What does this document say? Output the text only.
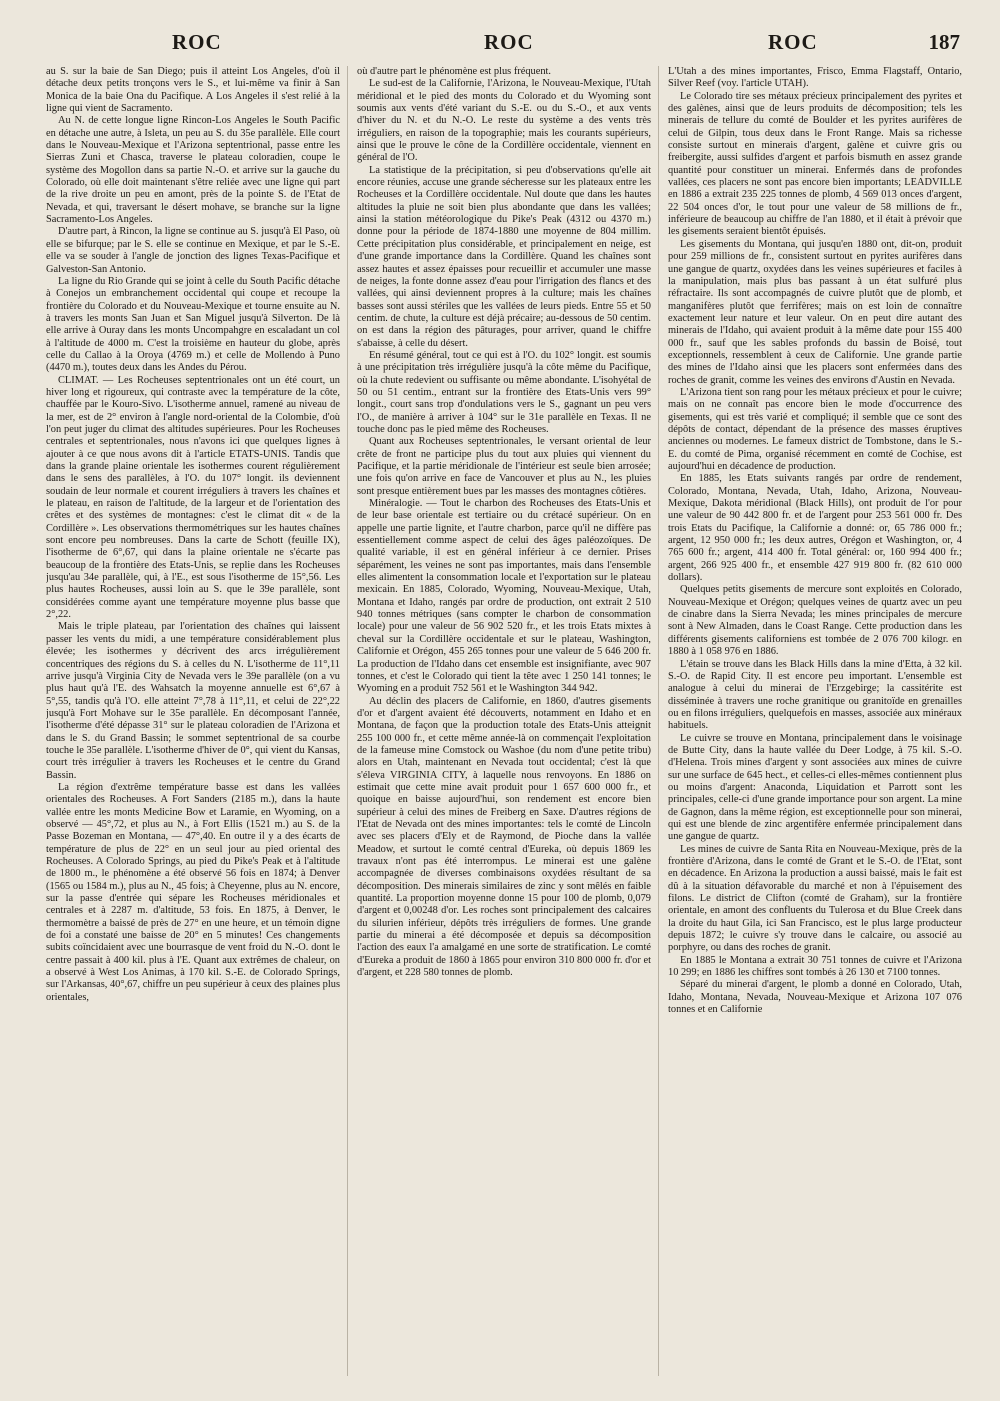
ROC	ROC	ROC	187

au S. sur la baie de San Diego; puis il atteint Los Angeles, d'où il détache deux petits tronçons vers le S., et lui-même va finir à San Monica de la baie Ona du Pacifique. A Los Angeles il s'est relié à la ligne qui vient de Sacramento.

Au N. de cette longue ligne Rincon-Los Angeles le South Pacific en détache une autre, à Isleta, un peu au S. du 35e parallèle. Elle court dans le Nouveau-Mexique et l'Arizona septentrional, passe entre les Sierras Zuni et Chasca, traverse le plateau coloradien, coupe le système des Mogollon dans sa partie N.-O. et arrive sur la gauche du Colorado, où elle doit maintenant s'être reliée avec une ligne qui part de la rive droite un peu en amont, près de la pointe S. de l'Etat de Nevada, et qui, traversant le désert mohave, se branche sur la ligne Sacramento-Los Angeles.

D'autre part, à Rincon, la ligne se continue au S. jusqu'à El Paso, où elle se bifurque; par le S. elle se continue en Mexique, et par le S.-E. elle va se souder à l'angle de jonction des lignes Texas-Pacifique et Galveston-San Antonio.

La ligne du Rio Grande qui se joint à celle du South Pacific détache à Conejos un embranchement occidental qui coupe et recoupe la frontière du Colorado et du Nouveau-Mexique et tourne ensuite au N. à travers les monts San Juan et San Miguel jusqu'à Silverton. De là elle arrive à Ouray dans les monts Uncompahgre en escaladant un col à l'altitude de 4000 m. C'est la troisième en hauteur du globe, après celle du Callao à la Oroya (4769 m.) et celle de Mollendo à Puno (4470 m.), toutes deux dans les Andes du Pérou.

CLIMAT. — Les Rocheuses septentrionales ont un été court, un hiver long et rigoureux, qui contraste avec la température de la côte, chauffée par le Kouro-Sivo. L'isotherme annuel, ramené au niveau de la mer, est de 2° environ à l'angle nord-oriental de la Colombie, d'où l'on peut juger du climat des altitudes supérieures. Pour les Rocheuses centrales et septentrionales, nous n'avons ici que quelques lignes à ajouter à ce que nous avons dit à l'article ETATS-UNIS. Tandis que dans la grande plaine orientale les isothermes courent régulièrement dans le sens des parallèles, à l'O. du 107° longit. ils deviennent soudain de leur normale et courent irréguliers à travers les chaînes et le plateau, en raison de l'altitude, de la largeur et de l'orientation des crêtes et des systèmes de montagnes: c'est le climat dit « de la Cordillère ». Les observations thermométriques sur les hautes chaînes sont encore peu nombreuses. Dans la carte de Schott (feuille IX), l'isotherme de 6°,67, qui dans la plaine orientale ne s'écarte pas beaucoup de la frontière des Etats-Unis, se replie dans les Rocheuses jusqu'au 34e parallèle, qui, à l'E., est sous l'isotherme de 15°,56. Les plus hautes Rocheuses, aussi loin au S. que le 39e parallèle, sont considérées comme ayant une température moyenne plus basse que 2°,22.

Mais le triple plateau, par l'orientation des chaînes qui laissent passer les vents du midi, a une température considérablement plus élevée; les isothermes y décrivent des arcs irrégulièrement concentriques des régions du S. à celles du N. L'isotherme de 11°,11 arrive jusqu'à Virginia City de Nevada vers le 39e parallèle (on a vu plus haut qu'à l'E. des Wahsatch la moyenne annuelle est 6°,67 à 5°,55, tandis qu'à l'O. elle atteint 7°,78 à 11°,11, et celui de 22°,22 jusqu'à Fort Mohave sur le 35e parallèle. En décomposant l'année, l'isotherme d'été dépasse 31° sur le plateau coloradien de l'Arizona et dans le S. du Grand Bassin; le sommet septentrional de sa courbe touche le 35e parallèle. L'isotherme d'hiver de 0°, qui vient du Kansas, court très irrégulier à travers les Rocheuses et le centre du Grand Bassin.

La région d'extrême température basse est dans les vallées orientales des Rocheuses. A Fort Sanders (2185 m.), dans la haute vallée entre les monts Medicine Bow et Laramie, en Wyoming, on a observé — 45°,72, et plus au N., à Fort Ellis (1521 m.) au S. de la Passe Bozeman en Montana, — 47°,40. En outre il y a des écarts de température de plus de 22° en un seul jour au pied oriental des Rocheuses. A Colorado Springs, au pied du Pike's Peak et à l'altitude de 1800 m., le phénomène a été observé 56 fois en 1874; à Denver (1565 ou 1584 m.), plus au N., 45 fois; à Cheyenne, plus au N. encore, sur la passe d'entrée qui sépare les Rocheuses méridionales et centrales et à 2287 m. d'altitude, 53 fois. En 1875, à Denver, le thermomètre a baissé de près de 27° en une heure, et un témoin digne de foi a constaté une baisse de 20° en 5 minutes! Ces changements subits coïncidaient avec une bourrasque de vent froid du N.-O. dont le centre passait à 400 kil. plus à l'E. Quant aux extrêmes de chaleur, on a observé à West Los Animas, à 170 kil. S.-E. de Colorado Springs, sur l'Arkansas, 40°,67, chiffre un peu supérieur à ceux des plaines plus orientales,

où d'autre part le phénomène est plus fréquent.

Le sud-est de la Californie, l'Arizona, le Nouveau-Mexique, l'Utah méridional et le pied des monts du Colorado et du Wyoming sont soumis aux vents d'été variant du S.-E. ou du S.-O., et aux vents d'hiver du N. et du N.-O. Le reste du système a des vents très irréguliers, en raison de la topographie; mais les courants supérieurs, ainsi que le prouve le cône de la Cordillère occidentale, viennent en général de l'O.

La statistique de la précipitation, si peu d'observations qu'elle ait encore réunies, accuse une grande sécheresse sur les plateaux entre les Rocheuses et la Cordillère occidentale. Nul doute que dans les hautes altitudes la pluie ne soit bien plus abondante que dans les vallées; ainsi la station météorologique du Pike's Peak (4312 ou 4370 m.) donne pour la période de 1874-1880 une moyenne de 804 millim. Cette précipitation plus considérable, et principalement en neige, est d'une grande importance dans la Cordillère. Quand les chaînes sont assez hautes et assez épaisses pour recueillir et accumuler une masse de neiges, la fonte donne assez d'eau pour l'irrigation des flancs et des vallées, qui ainsi deviennent propres à la culture; mais les chaînes basses sont aussi stériles que les vallées de leurs pieds. Entre 55 et 50 centim. de chute, la culture est déjà précaire; au-dessous de 50 centim. on est dans la région des pâturages, pour arriver, quand le chiffre s'abaisse, à celle du désert.

En résumé général, tout ce qui est à l'O. du 102° longit. est soumis à une précipitation très irrégulière jusqu'à la côte même du Pacifique, où la chute redevient ou suffisante ou même abondante. L'isohyétal de 50 ou 51 centim., entrant sur la frontière des Etats-Unis vers 99° longit., court sans trop d'ondulations vers le S., gagnant un peu vers l'O., de manière à arriver à 104° sur le 31e parallèle en Texas. Il ne touche donc pas le pied même des Rocheuses.

Quant aux Rocheuses septentrionales, le versant oriental de leur crête de front ne participe plus du tout aux pluies qui viennent du Pacifique, et la partie méridionale de l'intérieur est seule bien arrosée; une fois qu'on arrive en face de Vancouver et plus au N., les pluies sont presque entièrement bues par les masses des montagnes côtières.

Minéralogie. — Tout le charbon des Rocheuses des Etats-Unis et de leur base orientale est tertiaire ou du crétacé supérieur. On en appelle une partie lignite, et l'autre charbon, parce qu'il ne diffère pas essentiellement comme aspect de celui des âges paléozoïques. De qualité variable, il est en général inférieur à ce dernier. Prises séparément, les veines ne sont pas importantes, mais dans l'ensemble elles alimentent la consommation locale et l'exportation sur le plateau mexicain. En 1885, Colorado, Wyoming, Nouveau-Mexique, Utah, Montana et Idaho, rangés par ordre de production, ont extrait 2 510 940 tonnes métriques (sans compter le charbon de consommation locale) pour une valeur de 56 902 520 fr., et les trois Etats mixtes à cheval sur la Cordillère occidentale et sur le plateau, Washington, Californie et Orégon, 455 265 tonnes pour une valeur de 5 646 200 fr. La production de l'Idaho dans cet ensemble est insignifiante, avec 907 tonnes, et c'est le Colorado qui tient la tête avec 1 250 141 tonnes; le Wyoming en a produit 752 561 et le Washington 344 942.

Au déclin des placers de Californie, en 1860, d'autres gisements d'or et d'argent avaient été découverts, notamment en Idaho et en Montana, de façon que la production totale des Etats-Unis atteignit 255 100 000 fr., et cette même année-là on commençait l'exploitation de la fameuse mine Comstock ou Washoe (du nom d'une petite tribu) alors en Utah, maintenant en Nevada tout occidental; c'est là que s'éleva VIRGINIA CITY, à laquelle nous renvoyons. En 1886 on estimait que cette mine avait produit pour 1 657 600 000 fr., et quoique en baisse aujourd'hui, son rendement est encore bien supérieur à celui des mines de Freiberg en Saxe. D'autres régions de l'Etat de Nevada ont des mines importantes: tels le comté de Lincoln avec ses placers d'Ely et de Raymond, de Pioche dans la vallée Meadow, et surtout le comté central d'Eureka, où depuis 1869 les travaux n'ont pas été interrompus. Le minerai est une galène accompagnée de diverses combinaisons oxydées résultant de sa décomposition. Des minerais similaires de zinc y sont mêlés en faible quantité. La proportion moyenne donne 15 pour 100 de plomb, 0,079 d'argent et 0,00248 d'or. Les roches sont principalement des calcaires du silurien inférieur, dépôts très irréguliers de formes. Une grande partie du minerai a été décomposée et depuis sa décomposition l'action des eaux l'a amalgamé en une sorte de stratification. Le comté d'Eureka a produit de 1860 à 1865 pour environ 310 800 000 fr. d'or et d'argent, et 228 580 tonnes de plomb.

L'Utah a des mines importantes, Frisco, Emma Flagstaff, Ontario, Silver Reef (voy. l'article UTAH).

Le Colorado tire ses métaux précieux principalement des pyrites et des galènes, ainsi que de leurs produits de décomposition; tels les minerais de tellure du comté de Boulder et les pyrites aurifères de celui de Gilpin, tous deux dans le Front Range. Mais sa richesse consiste surtout en minerais d'argent, galène et cuivre gris ou freibergite, aussi sulfides d'argent et parfois bismuth en assez grande quantité pour constituer un minerai. Enfermés dans de profondes vallées, ces placers ne sont pas encore bien importants; LEADVILLE en 1886 a extrait 235 225 tonnes de plomb, 4 569 013 onces d'argent, 22 504 onces d'or, le tout pour une valeur de 58 millions de fr., inférieure de beaucoup au chiffre de l'an 1880, et il était à prévoir que les gisements seraient bientôt épuisés.

Les gisements du Montana, qui jusqu'en 1880 ont, dit-on, produit pour 259 millions de fr., consistent surtout en pyrites aurifères dans une gangue de quartz, oxydées dans les veines supérieures et faciles à la manipulation, mais plus bas passant à un état sulfuré plus réfractaire. Ils sont accompagnés de cuivre plutôt que de plomb, et manganifères plutôt que ferrifères; mais on est loin de connaître exactement leur nature et leur valeur. On en peut dire autant des minerais de l'Idaho, qui avaient produit à la même date pour 155 400 000 fr., sauf que les sables profonds du bassin de Boisé, tout exceptionnels, ressemblent à ceux de Californie. Une grande partie des mines de l'Idaho ainsi que les placers sont enfermées dans des roches de granit, comme les veines des environs d'Austin en Nevada.

L'Arizona tient son rang pour les métaux précieux et pour le cuivre; mais on ne connaît pas encore bien le mode d'occurrence des gisements, qui est très varié et compliqué; il semble que ce sont des dépôts de contact, dépendant de la présence des masses éruptives anciennes ou modernes. Le fameux district de Tombstone, dans le S.-E. du comté de Pima, organisé récemment en comté de Cochise, est aujourd'hui en décadence de production.

En 1885, les Etats suivants rangés par ordre de rendement, Colorado, Montana, Nevada, Utah, Idaho, Arizona, Nouveau-Mexique, Dakota méridional (Black Hills), ont produit de l'or pour une valeur de 90 442 800 fr. et de l'argent pour 253 561 000 fr. Des trois Etats du Pacifique, la Californie a donné: or, 65 786 000 fr.; argent, 12 950 000 fr.; les deux autres, Orégon et Washington, or, 4 765 600 fr.; argent, 414 400 fr. Total général: or, 160 994 400 fr.; argent, 266 925 400 fr., et ensemble 427 919 800 fr. (82 610 000 dollars).

Quelques petits gisements de mercure sont exploités en Colorado, Nouveau-Mexique et Orégon; quelques veines de quartz avec un peu de cinabre dans la Sierra Nevada; les mines principales de mercure sont à New Almaden, dans le Coast Range. Cette production dans les différents gisements californiens est tombée de 2 076 700 kilogr. en 1880 à 1 058 976 en 1886.

L'étain se trouve dans les Black Hills dans la mine d'Etta, à 32 kil. S.-O. de Rapid City. Il est encore peu important. L'ensemble est analogue à celui du minerai de l'Erzgebirge; la cassitérite est disséminée à travers une roche granitique ou granitoïde en grenailles ou en filons irréguliers, quelquefois en masses, associée aux minéraux habituels.

Le cuivre se trouve en Montana, principalement dans le voisinage de Butte City, dans la haute vallée du Deer Lodge, à 75 kil. S.-O. d'Helena. Trois mines d'argent y sont associées aux mines de cuivre sur une surface de 645 hect., et celles-ci elles-mêmes contiennent plus ou moins d'argent: Anaconda, Liquidation et Parrott sont les principales, celle-ci d'une grande importance pour son argent. La mine de Gagnon, dans la même région, est exceptionnelle pour son minerai, qui est une blende de zinc argentifère enfermée principalement dans une gangue de quartz.

Les mines de cuivre de Santa Rita en Nouveau-Mexique, près de la frontière d'Arizona, dans le comté de Grant et le S.-O. de l'Etat, sont en décadence. En Arizona la production a aussi baissé, mais le fait est dû à la situation défavorable du marché et non à l'épuisement des filons. Le district de Clifton (comté de Graham), sur la frontière orientale, en amont des confluents du Tulerosa et du Blue Creek dans la droite du haut Gila, ici San Francisco, est le plus large producteur depuis 1872; le cuivre s'y trouve dans le calcaire, ou associé au porphyre, ou dans des roches de granit.

En 1885 le Montana a extrait 30 751 tonnes de cuivre et l'Arizona 10 299; en 1886 les chiffres sont tombés à 26 130 et 7100 tonnes.

Séparé du minerai d'argent, le plomb a donné en Colorado, Utah, Idaho, Montana, Nevada, Nouveau-Mexique et Arizona 107 076 tonnes et en Californie
